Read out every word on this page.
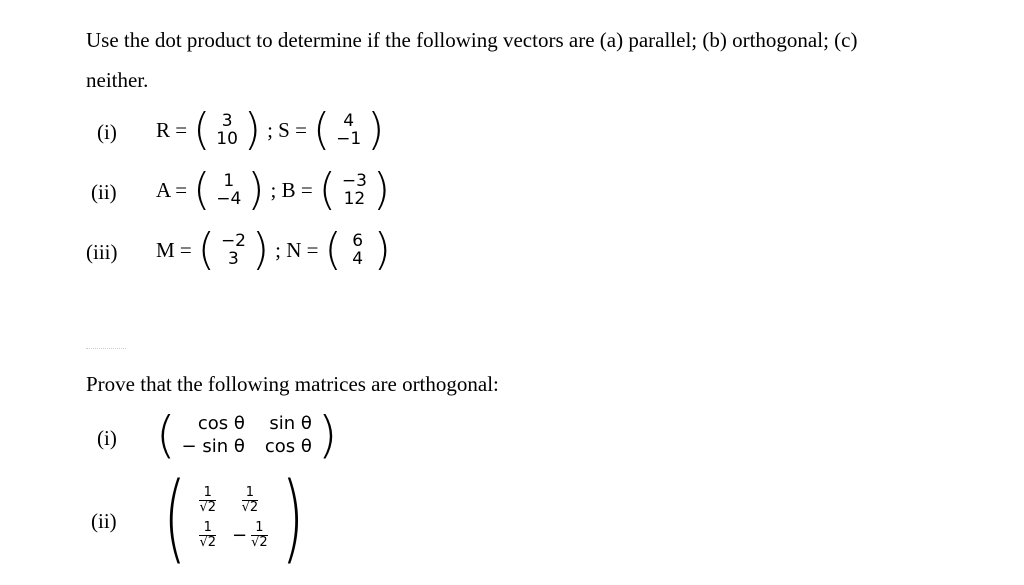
Use the dot product to determine if the following vectors are (a) parallel; (b) orthogonal; (c)
neither.
(i) R = ( 3
10 ) ; S = ( 4
−1 )
(ii) A = ( 1
−4 ) ; B = ( −3
12 )
(iii) M = ( −2
3 ) ; N = ( 6
4 )
Prove that the following matrices are orthogonal:
(i) (	cos θ sin θ
− sin θ cos θ )
(ii) ( $\frac{1}{√2} \frac{1}{√2}$
$\frac{1}{√2} - \frac{1}{√2}$ )
